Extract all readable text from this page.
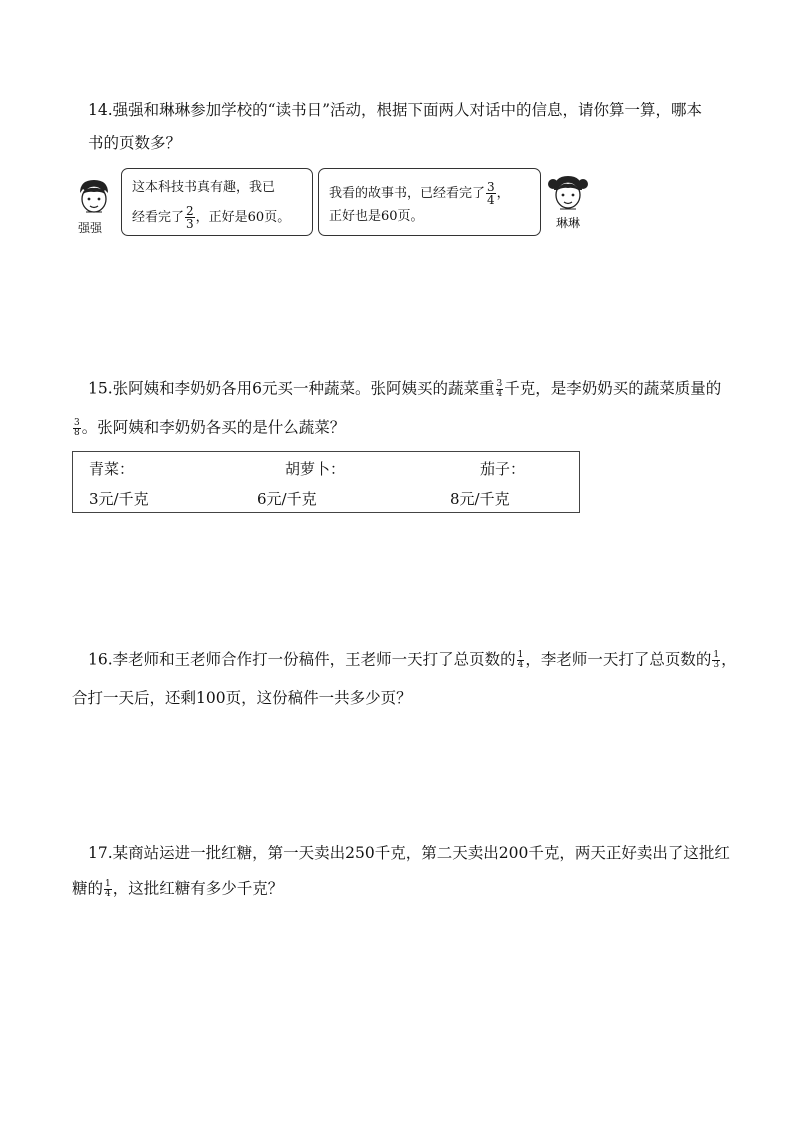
14.强强和琳琳参加学校的“读书日”活动，根据下面两人对话中的信息，请你算一算，哪本
书的页数多？
强强
这本科技书真有趣，我已
经看完了 $\frac{2}{3}$ ，正好是60页。
我看的故事书，已经看完了 $\frac{3}{4}$ ，
正好也是60页。	琳琳
15.张阿姨和李奶奶各用6元买一种蔬菜。张阿姨买的蔬菜重 $\frac{3}{4}$ 千克，是李奶奶买的蔬菜质量的
$\frac{3}{8}$ 。张阿姨和李奶奶各买的是什么蔬菜？
青菜：
3元/千克
胡萝卜：
6元/千克
茄子：
8元/千克
16.李老师和王老师合作打一份稿件，王老师一天打了总页数的 $\frac{1}{4}$ ，李老师一天打了总页数的 $\frac{1}{3}$ ，
合打一天后，还剩100页，这份稿件一共多少页？
17.某商站运进一批红糖，第一天卖出250千克，第二天卖出200千克，两天正好卖出了这批红
糖的 $\frac{1}{4}$ ，这批红糖有多少千克？
